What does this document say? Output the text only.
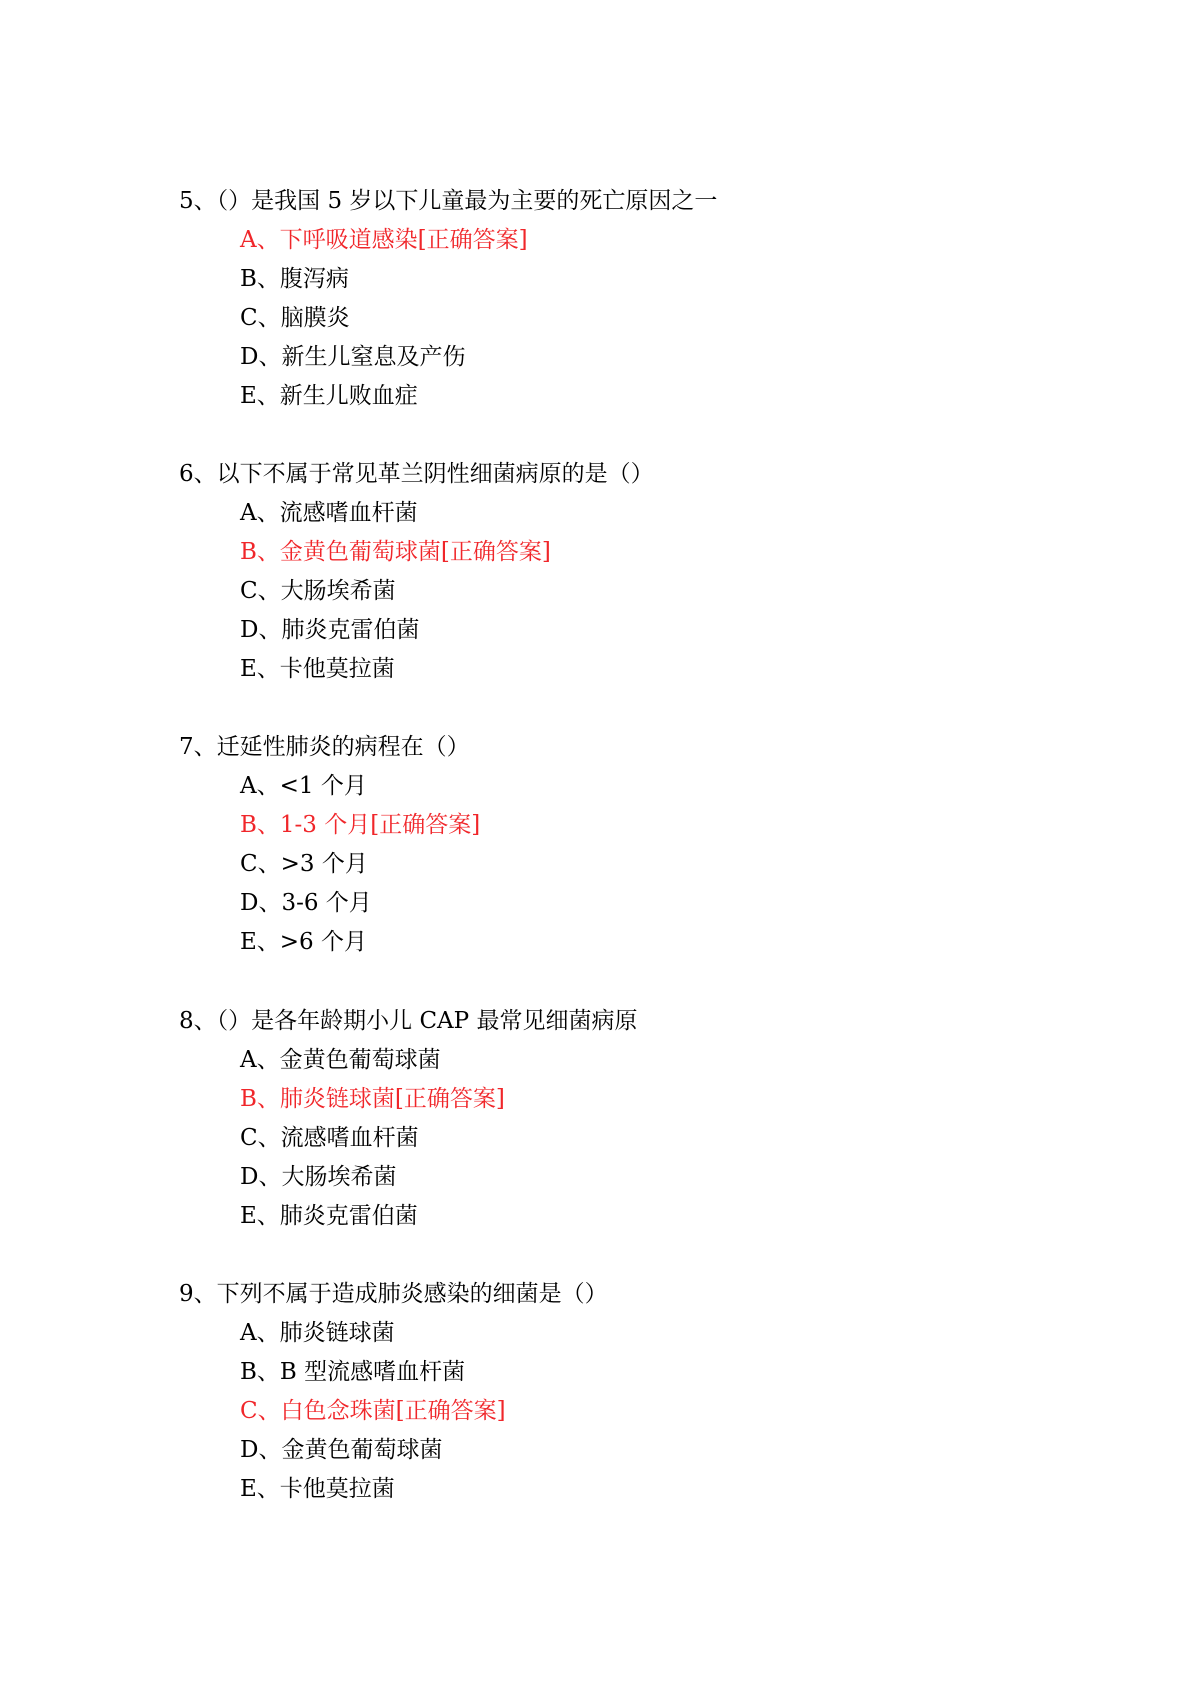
5、（）是我国 5 岁以下儿童最为主要的死亡原因之一

A、下呼吸道感染[正确答案]
B、腹泻病
C、脑膜炎
D、新生儿窒息及产伤
E、新生儿败血症

6、以下不属于常见革兰阴性细菌病原的是（）

A、流感嗜血杆菌
B、金黄色葡萄球菌[正确答案]
C、大肠埃希菌
D、肺炎克雷伯菌
E、卡他莫拉菌

7、迁延性肺炎的病程在（）

A、<1 个月
B、1-3 个月[正确答案]
C、>3 个月
D、3-6 个月
E、>6 个月

8、（）是各年龄期小儿 CAP 最常见细菌病原

A、金黄色葡萄球菌
B、肺炎链球菌[正确答案]
C、流感嗜血杆菌
D、大肠埃希菌
E、肺炎克雷伯菌

9、下列不属于造成肺炎感染的细菌是（）

A、肺炎链球菌
B、B 型流感嗜血杆菌
C、白色念珠菌[正确答案]
D、金黄色葡萄球菌
E、卡他莫拉菌
